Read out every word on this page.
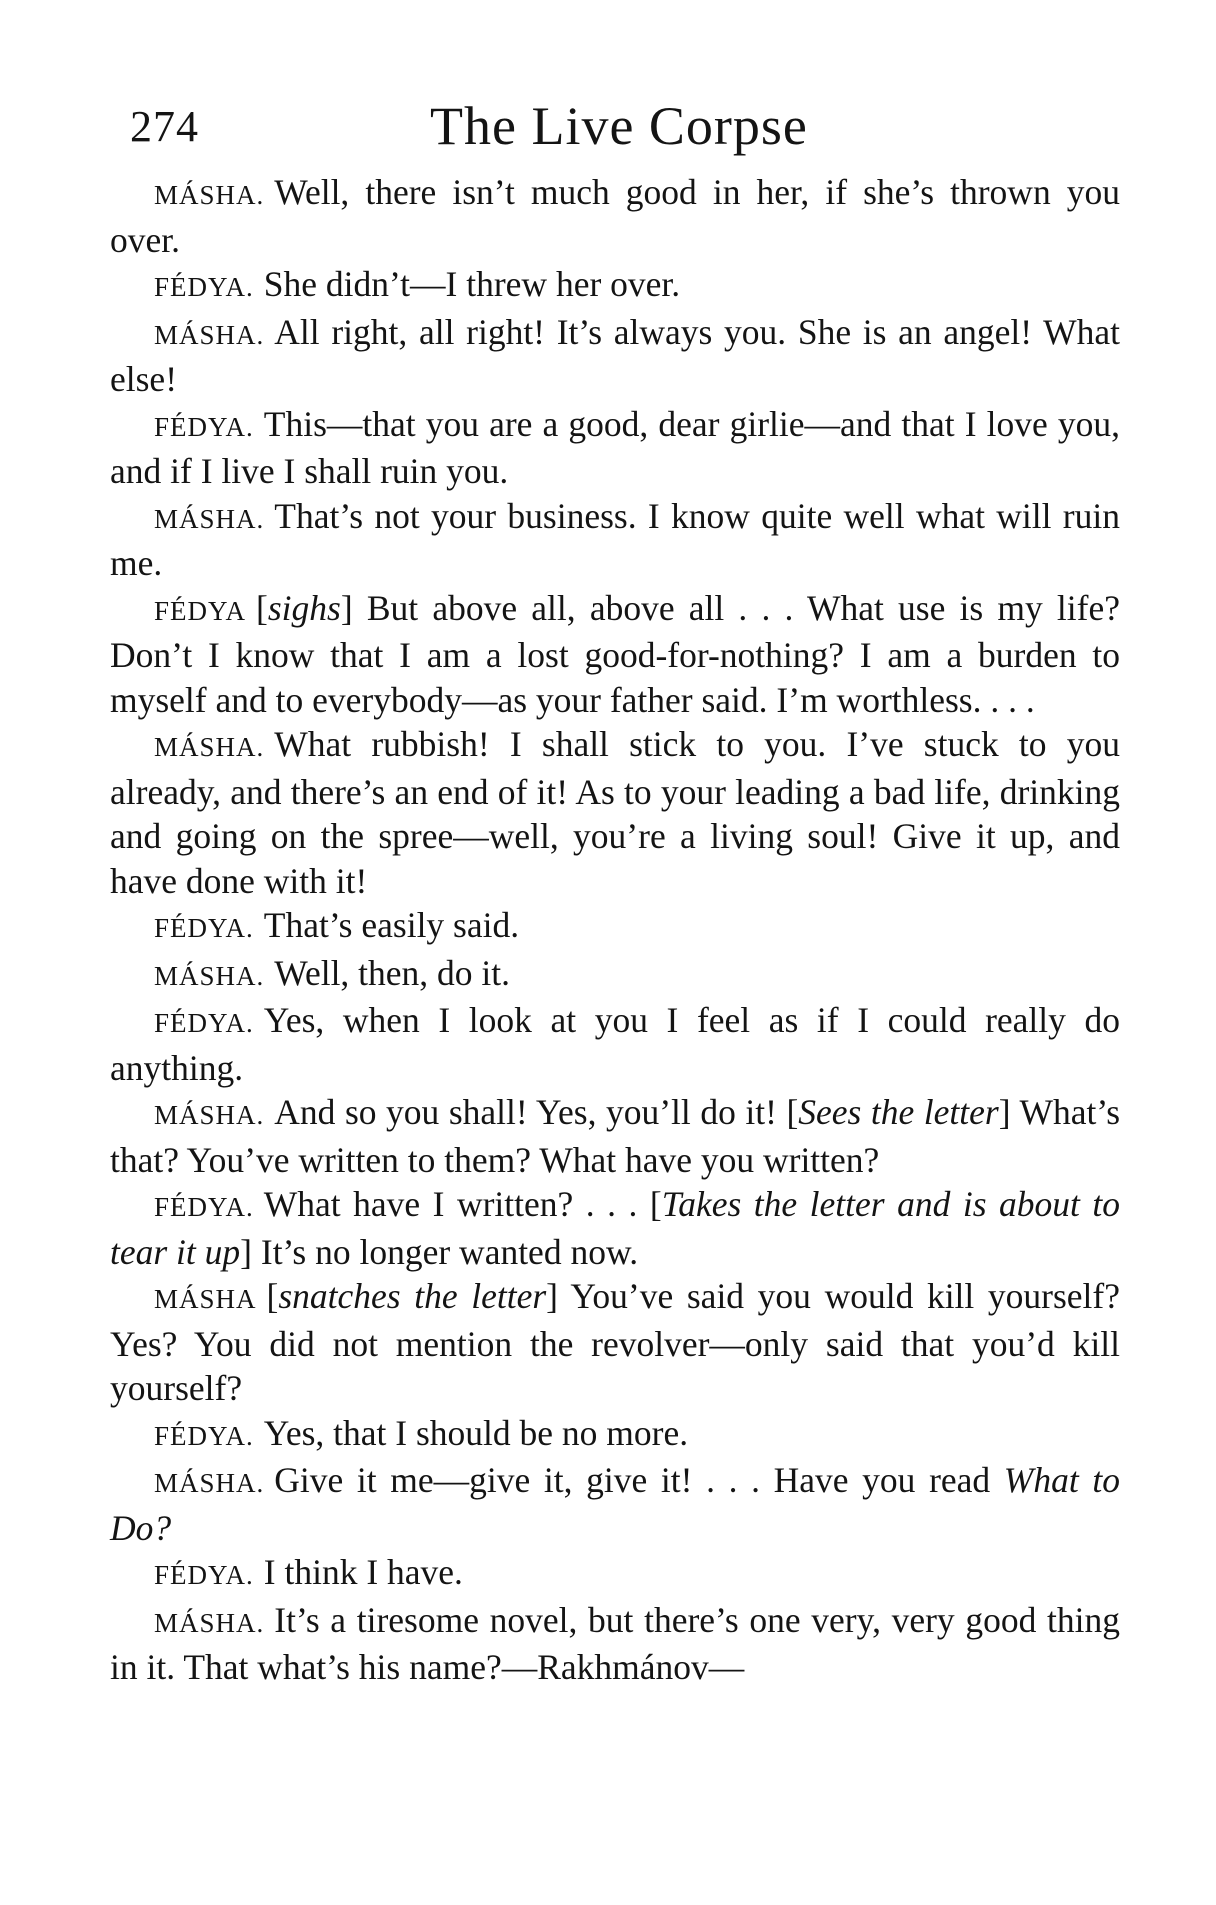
274	The Live Corpse

MÁSHA. Well, there isn’t much good in her, if she’s thrown you over.

FÉDYA. She didn’t—I threw her over.

MÁSHA. All right, all right! It’s always you. She is an angel! What else!

FÉDYA. This—that you are a good, dear girlie—and that I love you, and if I live I shall ruin you.

MÁSHA. That’s not your business. I know quite well what will ruin me.

FÉDYA [sighs] But above all, above all . . . What use is my life? Don’t I know that I am a lost good-for-nothing? I am a burden to myself and to everybody—as your father said. I’m worthless. . . .

MÁSHA. What rubbish! I shall stick to you. I’ve stuck to you already, and there’s an end of it! As to your leading a bad life, drinking and going on the spree—well, you’re a living soul! Give it up, and have done with it!

FÉDYA. That’s easily said.

MÁSHA. Well, then, do it.

FÉDYA. Yes, when I look at you I feel as if I could really do anything.

MÁSHA. And so you shall! Yes, you’ll do it! [Sees the letter] What’s that? You’ve written to them? What have you written?

FÉDYA. What have I written? . . . [Takes the letter and is about to tear it up] It’s no longer wanted now.

MÁSHA [snatches the letter] You’ve said you would kill yourself? Yes? You did not mention the revolver—only said that you’d kill yourself?

FÉDYA. Yes, that I should be no more.

MÁSHA. Give it me—give it, give it! . . . Have you read What to Do?

FÉDYA. I think I have.

MÁSHA. It’s a tiresome novel, but there’s one very, very good thing in it. That what’s his name?—Rakhmánov—
